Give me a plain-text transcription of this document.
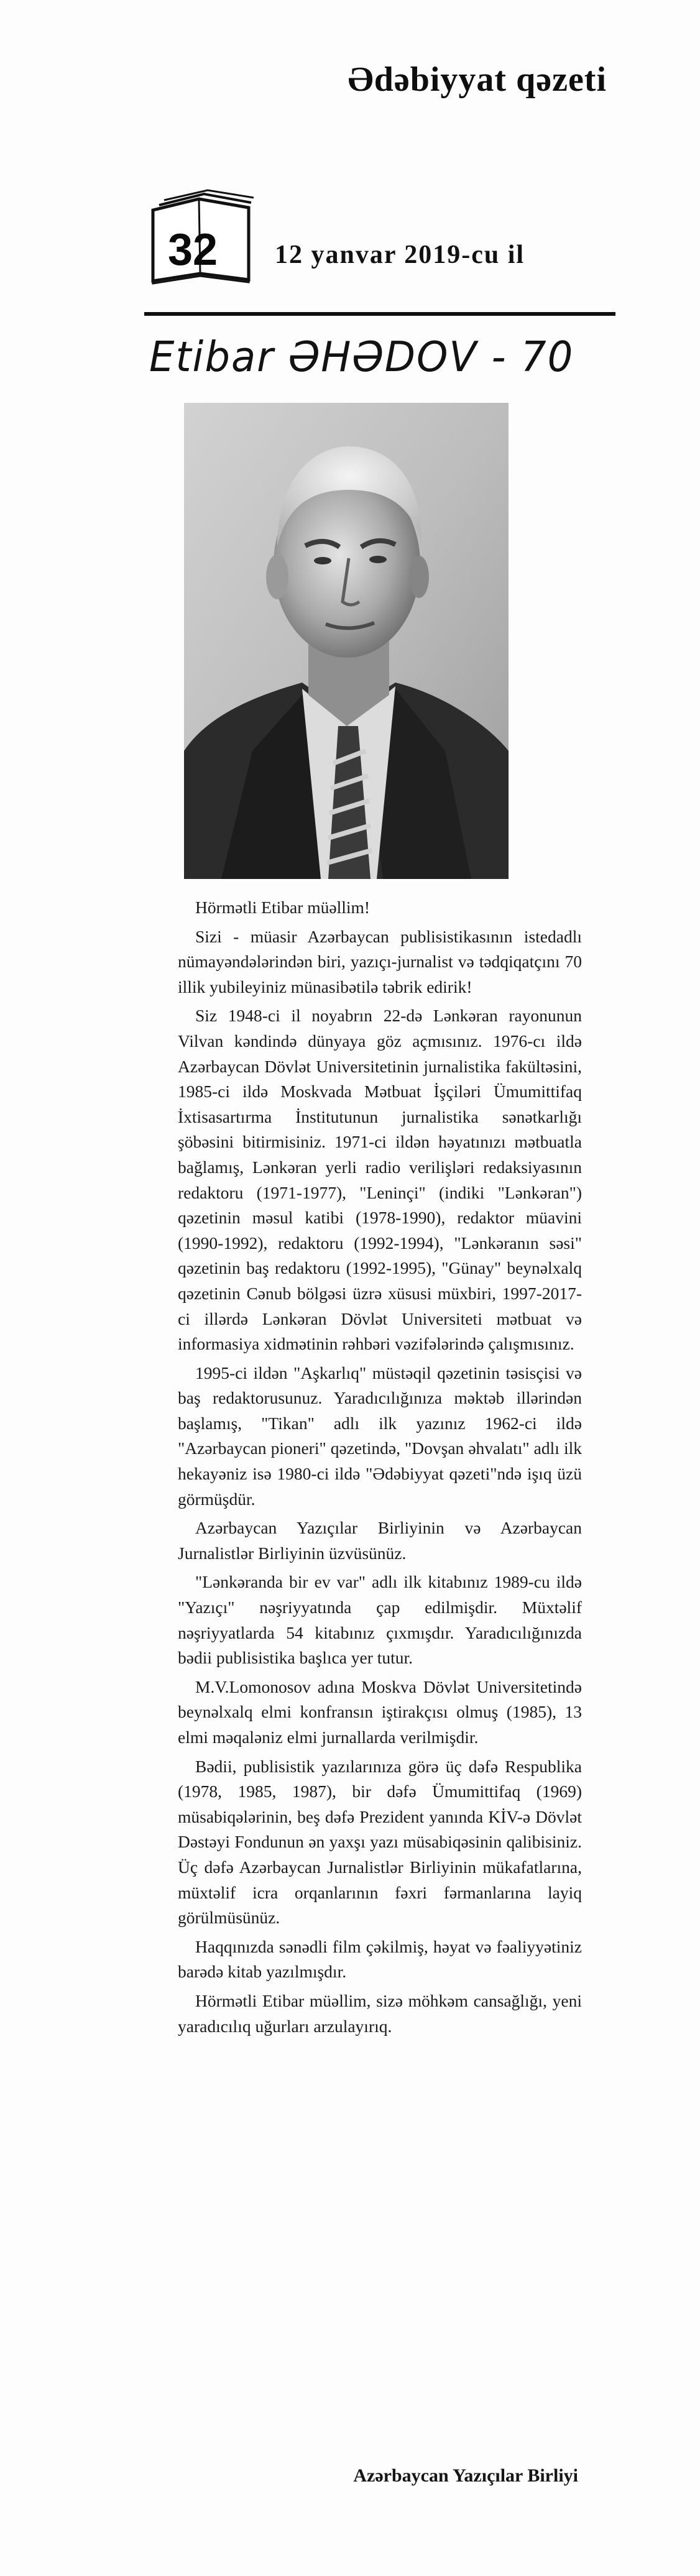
Ədəbiyyat qəzeti
32 12 yanvar 2019-cu il
Etibar ƏHƏDOV - 70

Hörmətli Etibar müəllim!

Sizi - müasir Azərbaycan publisistikasının istedadlı nümayəndələrindən biri, yazıçı-jurnalist və tədqiqatçını 70 illik yubileyiniz münasibətilə təbrik edirik!

Siz 1948-ci il noyabrın 22-də Lənkəran rayonunun Vilvan kəndində dünyaya göz açmısınız. 1976-cı ildə Azərbaycan Dövlət Universitetinin jurnalistika fakültəsini, 1985-ci ildə Moskvada Mətbuat İşçiləri Ümumittifaq İxtisasartırma İnstitutunun jurnalistika sənətkarlığı şöbəsini bitirmisiniz. 1971-ci ildən həyatınızı mətbuatla bağlamış, Lənkəran yerli radio verilişləri redaksiyasının redaktoru (1971-1977), "Leninçi" (indiki "Lənkəran") qəzetinin məsul katibi (1978-1990), redaktor müavini (1990-1992), redaktoru (1992-1994), "Lənkəranın səsi" qəzetinin baş redaktoru (1992-1995), "Günay" beynəlxalq qəzetinin Cənub bölgəsi üzrə xüsusi müxbiri, 1997-2017-ci illərdə Lənkəran Dövlət Universiteti mətbuat və informasiya xidmətinin rəhbəri vəzifələrində çalışmısınız.

1995-ci ildən "Aşkarlıq" müstəqil qəzetinin təsisçisi və baş redaktorusunuz. Yaradıcılığınıza məktəb illərindən başlamış, "Tikan" adlı ilk yazınız 1962-ci ildə "Azərbaycan pioneri" qəzetində, "Dovşan əhvalatı" adlı ilk hekayəniz isə 1980-ci ildə "Ədəbiyyat qəzeti"ndə işıq üzü görmüşdür.

Azərbaycan Yazıçılar Birliyinin və Azərbaycan Jurnalistlər Birliyinin üzvüsünüz.

"Lənkəranda bir ev var" adlı ilk kitabınız 1989-cu ildə "Yazıçı" nəşriyyatında çap edilmişdir. Müxtəlif nəşriyyatlarda 54 kitabınız çıxmışdır. Yaradıcılığınızda bədii publisistika başlıca yer tutur.

M.V.Lomonosov adına Moskva Dövlət Universitetində beynəlxalq elmi konfransın iştirakçısı olmuş (1985), 13 elmi məqaləniz elmi jurnallarda verilmişdir.

Bədii, publisistik yazılarınıza görə üç dəfə Respublika (1978, 1985, 1987), bir dəfə Ümumittifaq (1969) müsabiqələrinin, beş dəfə Prezident yanında KİV-ə Dövlət Dəstəyi Fondunun ən yaxşı yazı müsabiqəsinin qalibisiniz. Üç dəfə Azərbaycan Jurnalistlər Birliyinin mükafatlarına, müxtəlif icra orqanlarının fəxri fərmanlarına layiq görülmüsünüz.

Haqqınızda sənədli film çəkilmiş, həyat və fəaliyyətiniz barədə kitab yazılmışdır.

Hörmətli Etibar müəllim, sizə möhkəm cansağlığı, yeni yaradıcılıq uğurları arzulayırıq.

Azərbaycan Yazıçılar Birliyi
